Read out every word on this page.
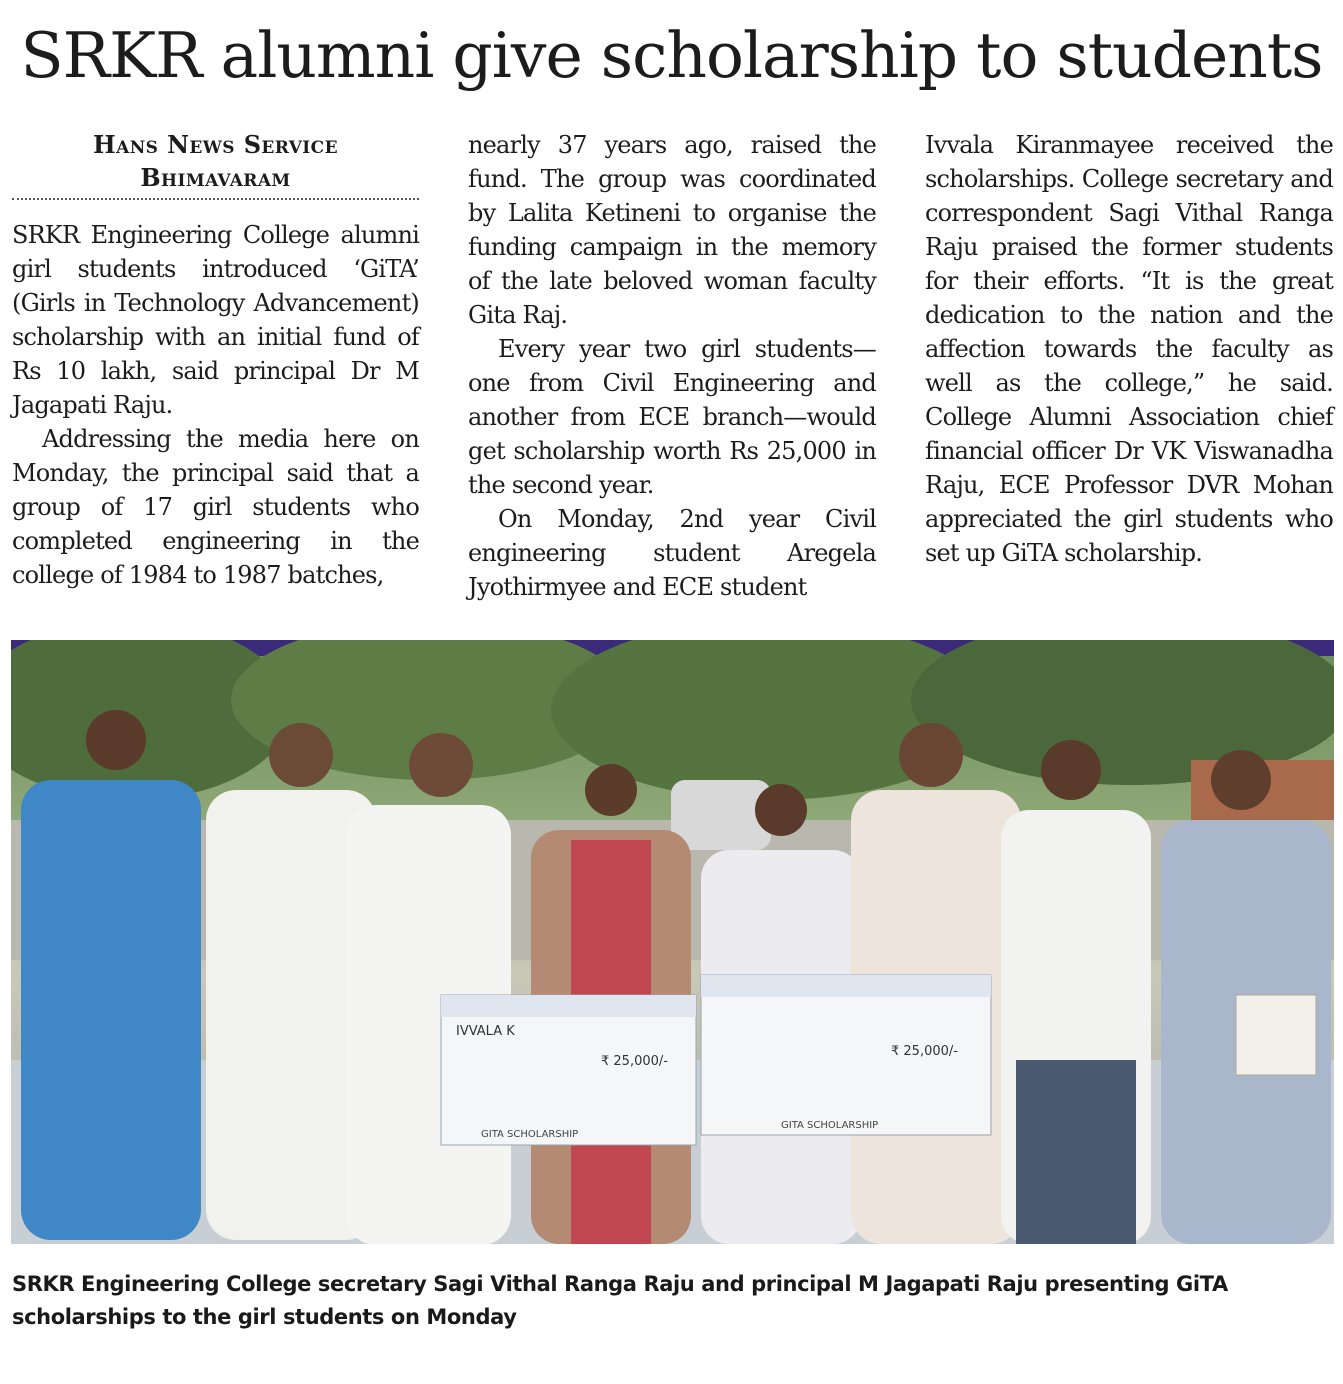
SRKR alumni give scholarship to students
Hans News Service
Bhimavaram

SRKR Engineering College alumni girl students introduced ‘GiTA’ (Girls in Technology Advancement) scholarship with an initial fund of Rs 10 lakh, said principal Dr M Jagapati Raju.

Addressing the media here on Monday, the principal said that a group of 17 girl students who completed engineering in the college of 1984 to 1987 batches,

nearly 37 years ago, raised the fund. The group was coordinated by Lalita Ketineni to organise the funding campaign in the memory of the late beloved woman faculty Gita Raj.

Every year two girl students—one from Civil Engineering and another from ECE branch—would get scholarship worth Rs 25,000 in the second year.

On Monday, 2nd year Civil engineering student Aregela Jyothirmyee and ECE student

Ivvala Kiranmayee received the scholarships. College secretary and correspondent Sagi Vithal Ranga Raju praised the former students for their efforts. “It is the great dedication to the nation and the affection towards the faculty as well as the college,” he said. College Alumni Association chief financial officer Dr VK Viswanadha Raju, ECE Professor DVR Mohan appreciated the girl students who set up GiTA scholarship.

IVVALA K
₹ 25,000/-
GITA SCHOLARSHIP
₹ 25,000/-
GITA SCHOLARSHIP
SRKR Engineering College secretary Sagi Vithal Ranga Raju and principal M Jagapati Raju presenting GiTA scholarships to the girl students on Monday
